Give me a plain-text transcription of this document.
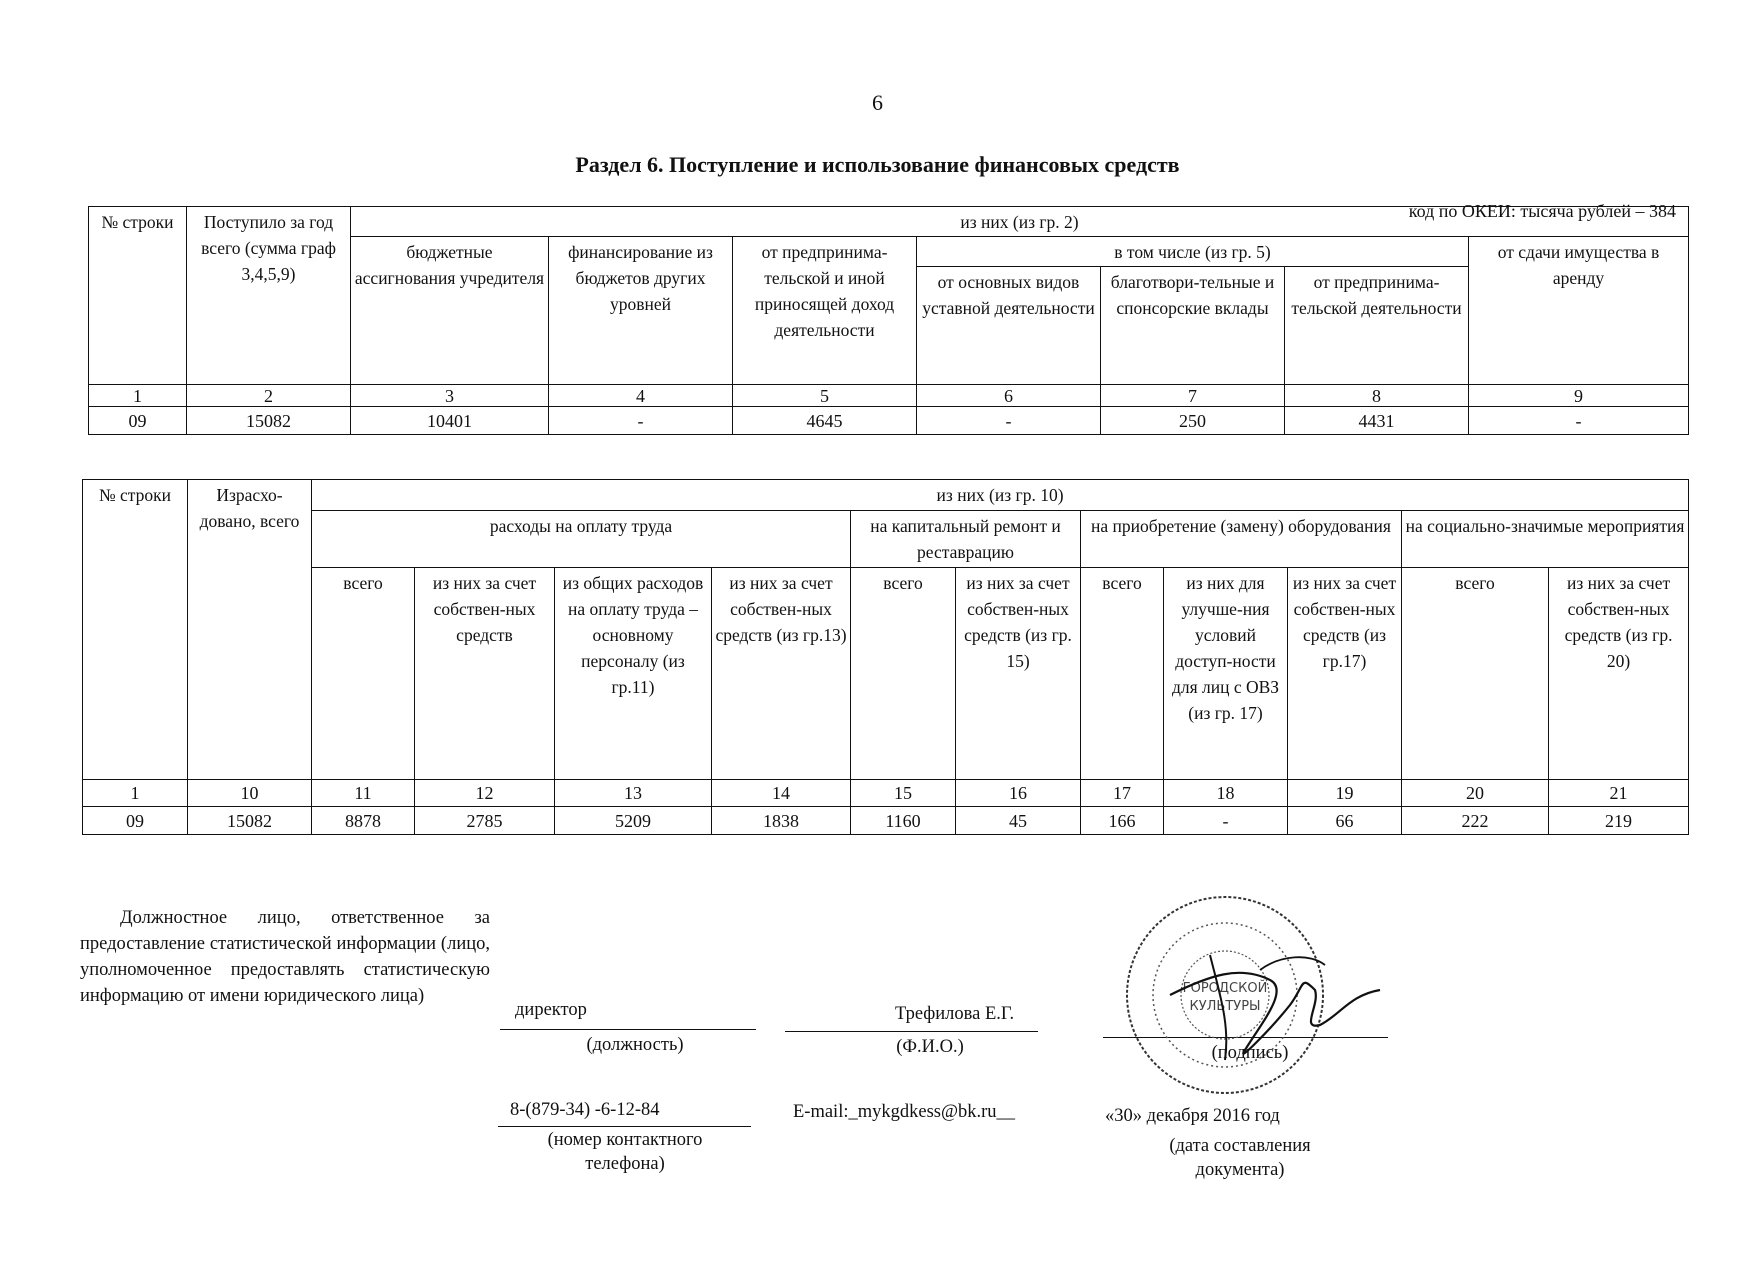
6
Раздел 6. Поступление и использование финансовых средств
код по ОКЕИ: тысяча рублей – 384
№ строки	Поступило за год всего (сумма граф 3,4,5,9)	из них (из гр. 2)						
		бюджетные ассигнования учредителя	финансирование из бюджетов других уровней	от предпринима-тельской и иной приносящей доход деятельности	в том числе (из гр. 5)			от сдачи имущества в аренду
					от основных видов уставной деятельности	благотвори-тельные и спонсорские вклады	от предпринима-тельской деятельности	
1	2	3	4	5	6	7	8	9
09	15082	10401	-	4645	-	250	4431	-
№ строки	Израсхо-довано, всего	из них (из гр. 10)										
		расходы на оплату труда				на капитальный ремонт и реставрацию		на приобретение (замену) оборудования			на социально-значимые мероприятия	
		всего	из них за счет собствен-ных средств	из общих расходов на оплату труда – основному персоналу (из гр.11)	из них за счет собствен-ных средств (из гр.13)	всего	из них за счет собствен-ных средств (из гр. 15)	всего	из них для улучше-ния условий доступ-ности для лиц с ОВЗ (из гр. 17)	из них за счет собствен-ных средств (из гр.17)	всего	из них за счет собствен-ных средств (из гр. 20)
1	10	11	12	13	14	15	16	17	18	19	20	21
09	15082	8878	2785	5209	1838	1160	45	166	-	66	222	219
Должностное лицо, ответственное за предоставление статистической информации (лицо, уполномоченное предоставлять статистическую информацию от имени юридического лица)
директор
(должность)
Трефилова Е.Г.
(Ф.И.О.)	(подпись)
8-(879-34) -6-12-84
(номер контактного телефона)
E-mail:_mykgdkess@bk.ru__	«30» декабря 2016 год
(дата составления документа)
ГОРОДСКОЙ
КУЛЬТУРЫ
